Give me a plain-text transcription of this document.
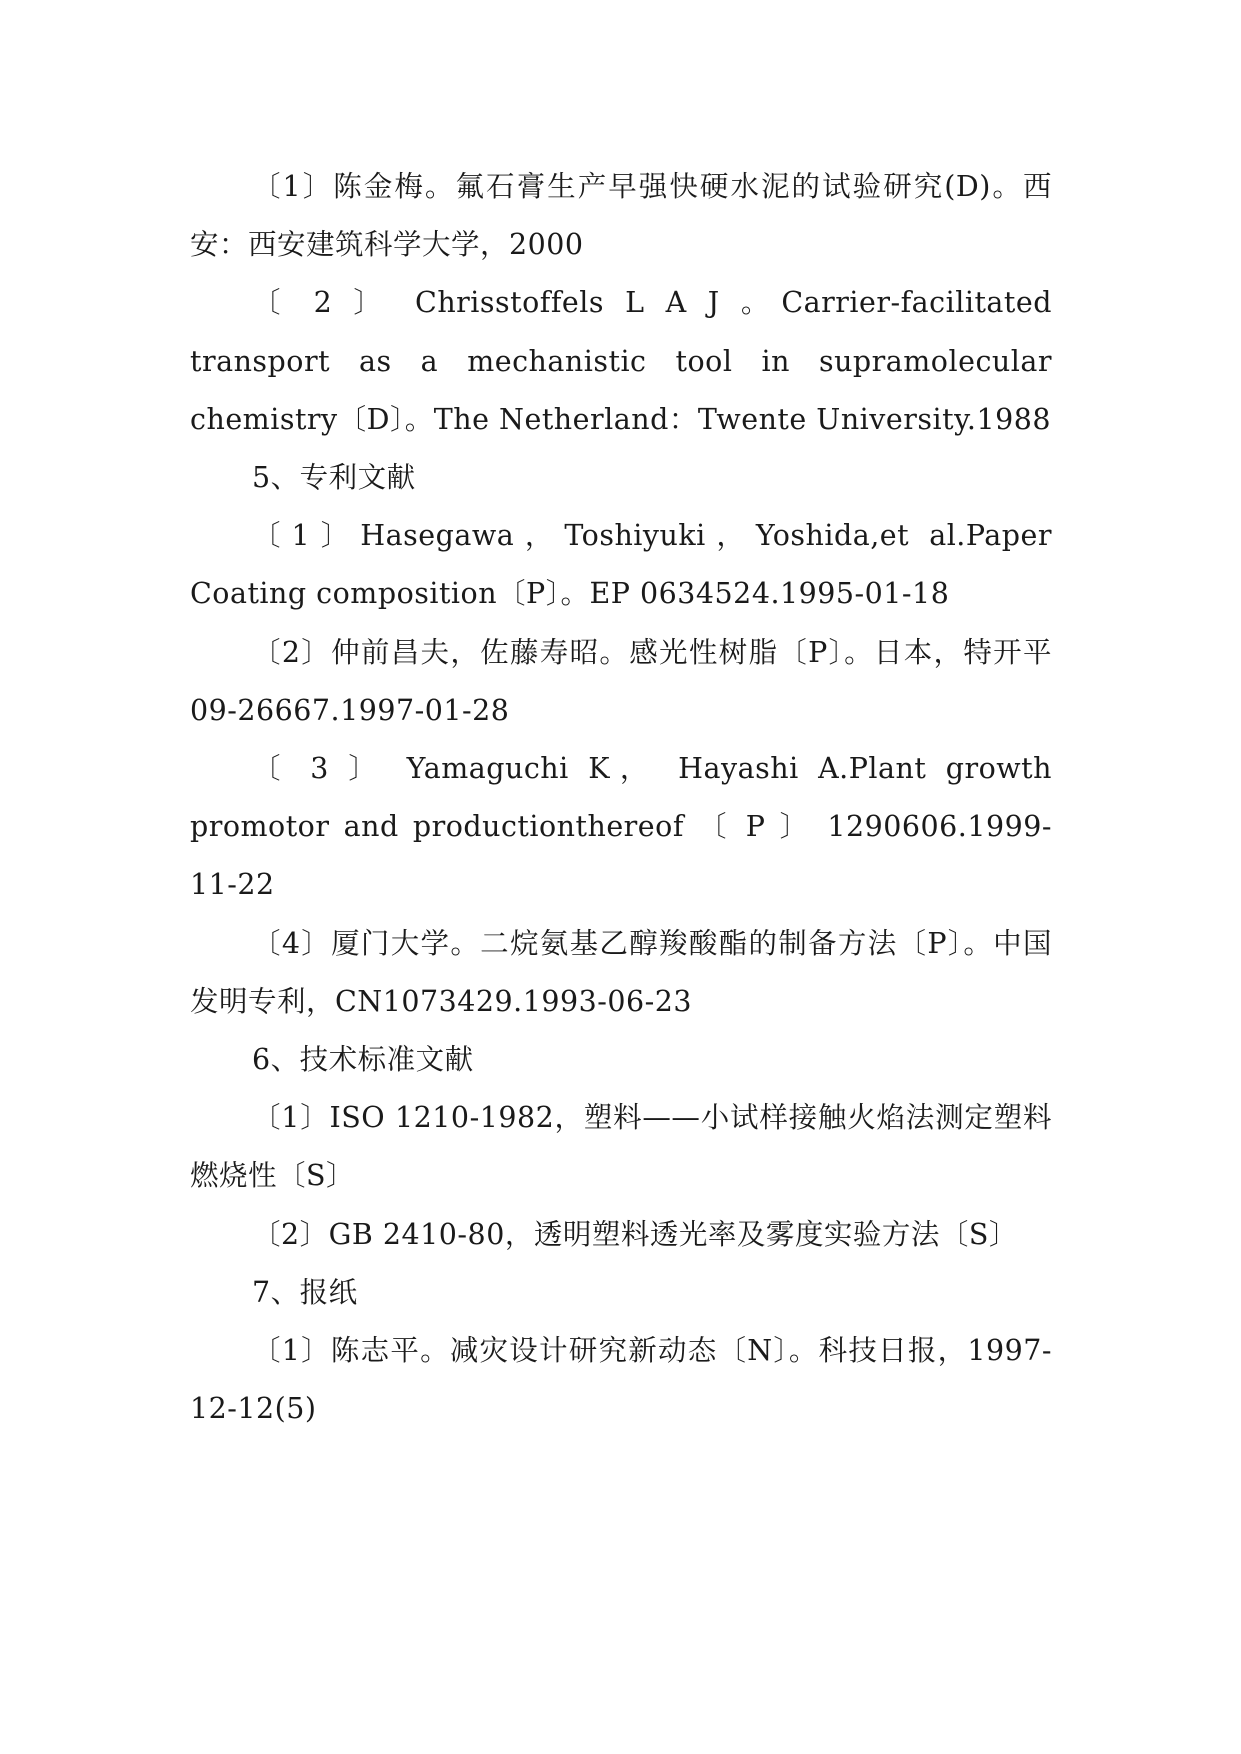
〔1〕陈金梅。氟石膏生产早强快硬水泥的试验研究(D)。西安：西安建筑科学大学，2000

〔 2 〕 Chrisstoffels L A J 。Carrier-facilitated transport as a mechanistic tool in supramolecular chemistry〔D〕。The Netherland：Twente University.1988

5、专利文献

〔1〕Hasegawa，Toshiyuki，Yoshida,et al.Paper Coating composition〔P〕。EP 0634524.1995-01-18

〔2〕仲前昌夫，佐藤寿昭。感光性树脂〔P〕。日本，特开平09-26667.1997-01-28

〔 3 〕 Yamaguchi K， Hayashi A.Plant growth promotor and productionthereof 〔 P 〕 1290606.1999-11-22

〔4〕厦门大学。二烷氨基乙醇羧酸酯的制备方法〔P〕。中国发明专利，CN1073429.1993-06-23

6、技术标准文献

〔1〕ISO 1210-1982，塑料——小试样接触火焰法测定塑料燃烧性〔S〕

〔2〕GB 2410-80，透明塑料透光率及雾度实验方法〔S〕

7、报纸

〔1〕陈志平。减灾设计研究新动态〔N〕。科技日报，1997-12-12(5)
